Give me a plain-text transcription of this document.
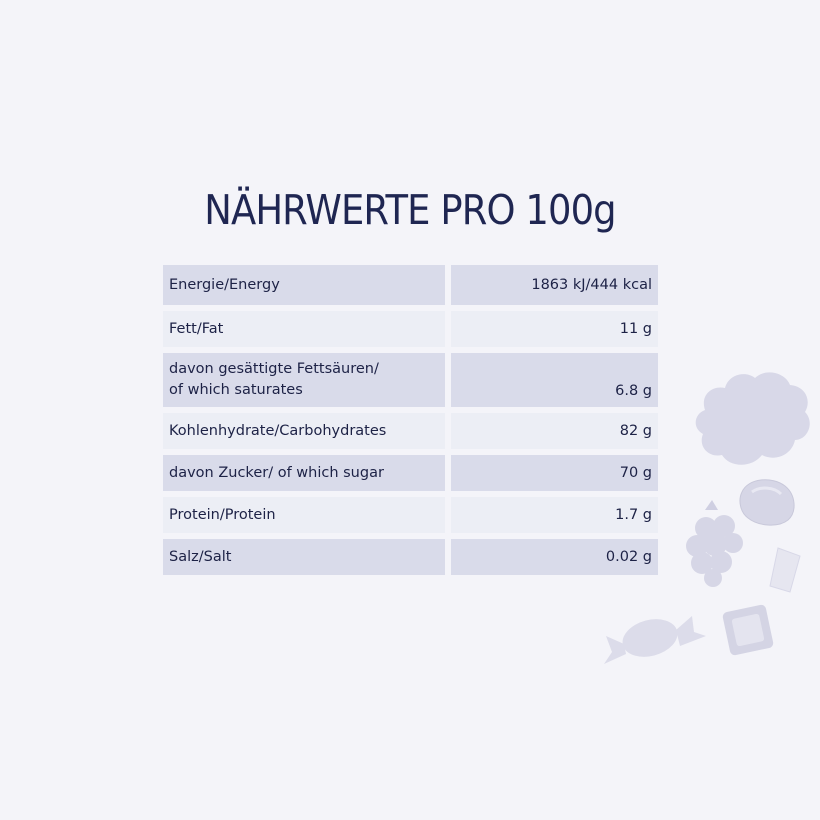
NÄHRWERTE PRO 100g
Energie/Energy	1863 kJ/444 kcal
Fett/Fat	11 g
davon gesättigte Fettsäuren/
of which saturates	6.8 g
Kohlenhydrate/Carbohydrates	82 g
davon Zucker/ of which sugar	70 g
Protein/Protein	1.7 g
Salz/Salt	0.02 g
